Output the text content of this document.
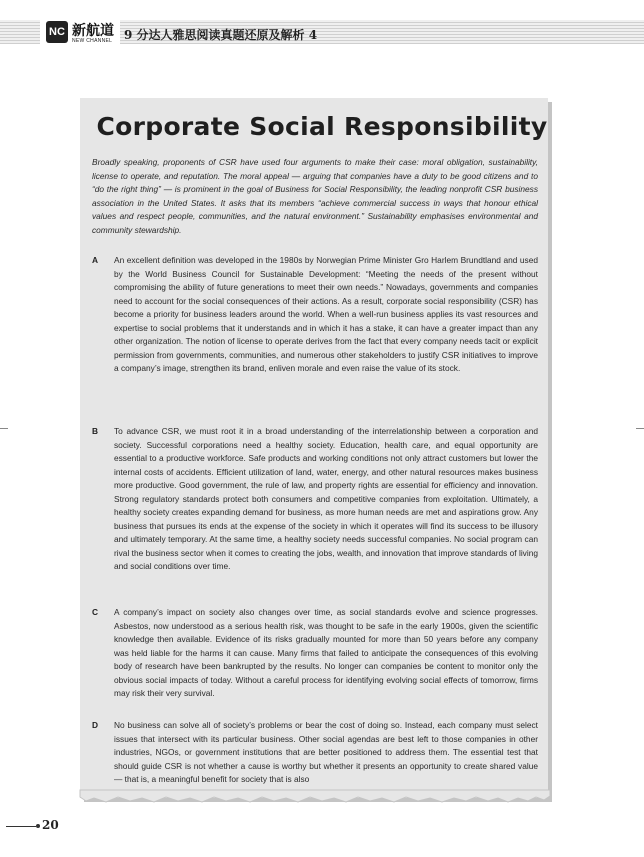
NC 新航道
NEW CHANNEL 9 分达人雅思阅读真题还原及解析 4
Corporate Social Responsibility
Broadly speaking, proponents of CSR have used four arguments to make their case: moral obligation, sustainability, license to operate, and reputation. The moral appeal — arguing that companies have a duty to be good citizens and to “do the right thing” — is prominent in the goal of Business for Social Responsibility, the leading nonprofit CSR business association in the United States. It asks that its members “achieve commercial success in ways that honour ethical values and respect people, communities, and the natural environment.” Sustainability emphasises environmental and community stewardship.
A An excellent definition was developed in the 1980s by Norwegian Prime Minister Gro Harlem Brundtland and used by the World Business Council for Sustainable Development: “Meeting the needs of the present without compromising the ability of future generations to meet their own needs.” Nowadays, governments and companies need to account for the social consequences of their actions. As a result, corporate social responsibility (CSR) has become a priority for business leaders around the world. When a well-run business applies its vast resources and expertise to social problems that it understands and in which it has a stake, it can have a greater impact than any other organization. The notion of license to operate derives from the fact that every company needs tacit or explicit permission from governments, communities, and numerous other stakeholders to justify CSR initiatives to improve a company’s image, strengthen its brand, enliven morale and even raise the value of its stock.
B To advance CSR, we must root it in a broad understanding of the interrelationship between a corporation and society. Successful corporations need a healthy society. Education, health care, and equal opportunity are essential to a productive workforce. Safe products and working conditions not only attract customers but lower the internal costs of accidents. Efficient utilization of land, water, energy, and other natural resources makes business more productive. Good government, the rule of law, and property rights are essential for efficiency and innovation. Strong regulatory standards protect both consumers and competitive companies from exploitation. Ultimately, a healthy society creates expanding demand for business, as more human needs are met and aspirations grow. Any business that pursues its ends at the expense of the society in which it operates will find its success to be illusory and ultimately temporary. At the same time, a healthy society needs successful companies. No social program can rival the business sector when it comes to creating the jobs, wealth, and innovation that improve standards of living and social conditions over time.
C A company’s impact on society also changes over time, as social standards evolve and science progresses. Asbestos, now understood as a serious health risk, was thought to be safe in the early 1900s, given the scientific knowledge then available. Evidence of its risks gradually mounted for more than 50 years before any company was held liable for the harms it can cause. Many firms that failed to anticipate the consequences of this evolving body of research have been bankrupted by the results. No longer can companies be content to monitor only the obvious social impacts of today. Without a careful process for identifying evolving social effects of tomorrow, firms may risk their very survival.
D No business can solve all of society’s problems or bear the cost of doing so. Instead, each company must select issues that intersect with its particular business. Other social agendas are best left to those companies in other industries, NGOs, or government institutions that are better positioned to address them. The essential test that should guide CSR is not whether a cause is worthy but whether it presents an opportunity to create shared value — that is, a meaningful benefit for society that is also
20
